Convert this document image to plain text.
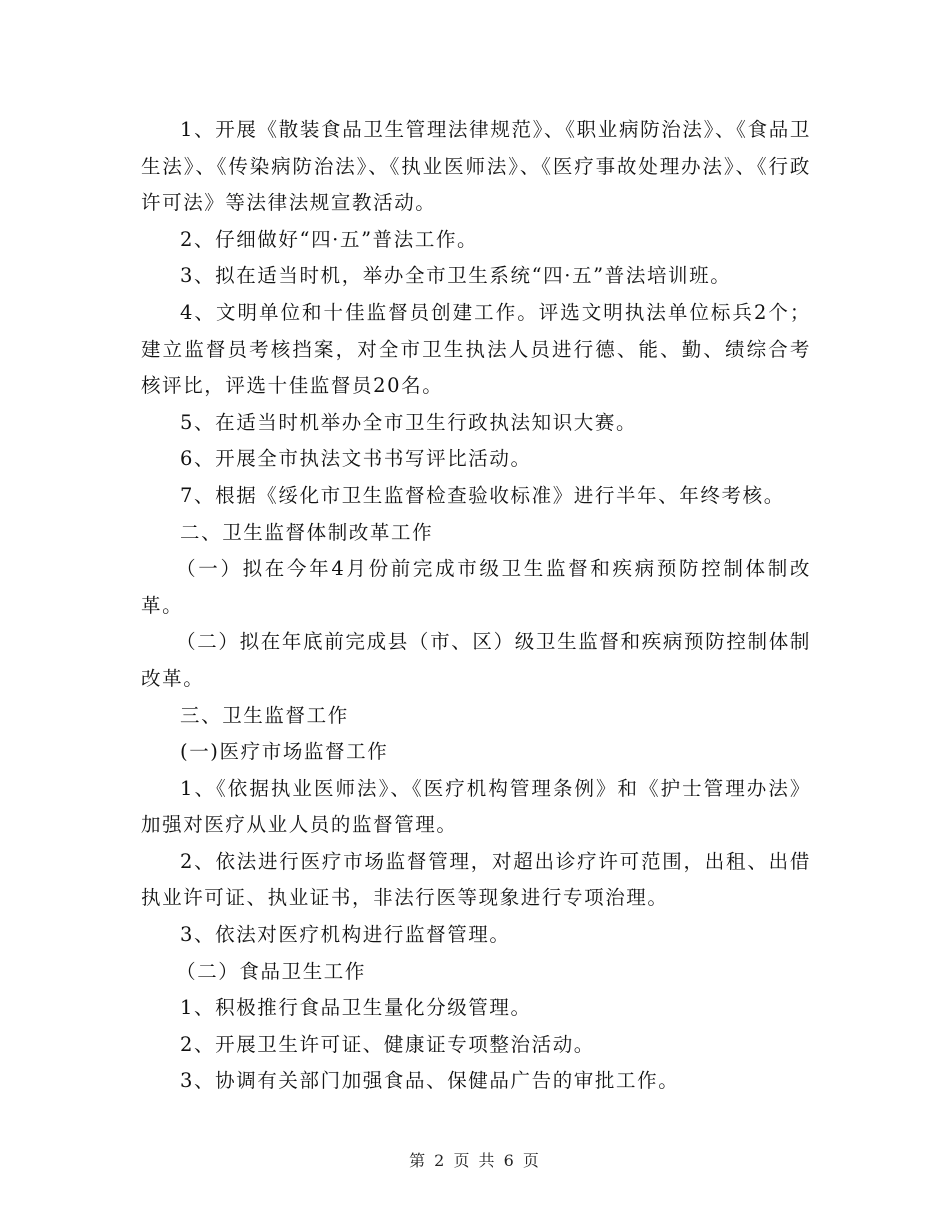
1、开展《散装食品卫生管理法律规范》、《职业病防治法》、《食品卫生法》、《传染病防治法》、《执业医师法》、《医疗事故处理办法》、《行政许可法》等法律法规宣教活动。

2、仔细做好“四·五”普法工作。

3、拟在适当时机，举办全市卫生系统“四·五”普法培训班。

4、文明单位和十佳监督员创建工作。评选文明执法单位标兵2个；建立监督员考核挡案，对全市卫生执法人员进行德、能、勤、绩综合考核评比，评选十佳监督员20名。

5、在适当时机举办全市卫生行政执法知识大赛。

6、开展全市执法文书书写评比活动。

7、根据《绥化市卫生监督检查验收标准》进行半年、年终考核。

二、卫生监督体制改革工作

（一）拟在今年4月份前完成市级卫生监督和疾病预防控制体制改革。

（二）拟在年底前完成县（市、区）级卫生监督和疾病预防控制体制改革。

三、卫生监督工作

(一)医疗市场监督工作

1、《依据执业医师法》、《医疗机构管理条例》和《护士管理办法》加强对医疗从业人员的监督管理。

2、依法进行医疗市场监督管理，对超出诊疗许可范围，出租、出借执业许可证、执业证书，非法行医等现象进行专项治理。

3、依法对医疗机构进行监督管理。

（二）食品卫生工作

1、积极推行食品卫生量化分级管理。

2、开展卫生许可证、健康证专项整治活动。

3、协调有关部门加强食品、保健品广告的审批工作。

第 2 页 共 6 页
